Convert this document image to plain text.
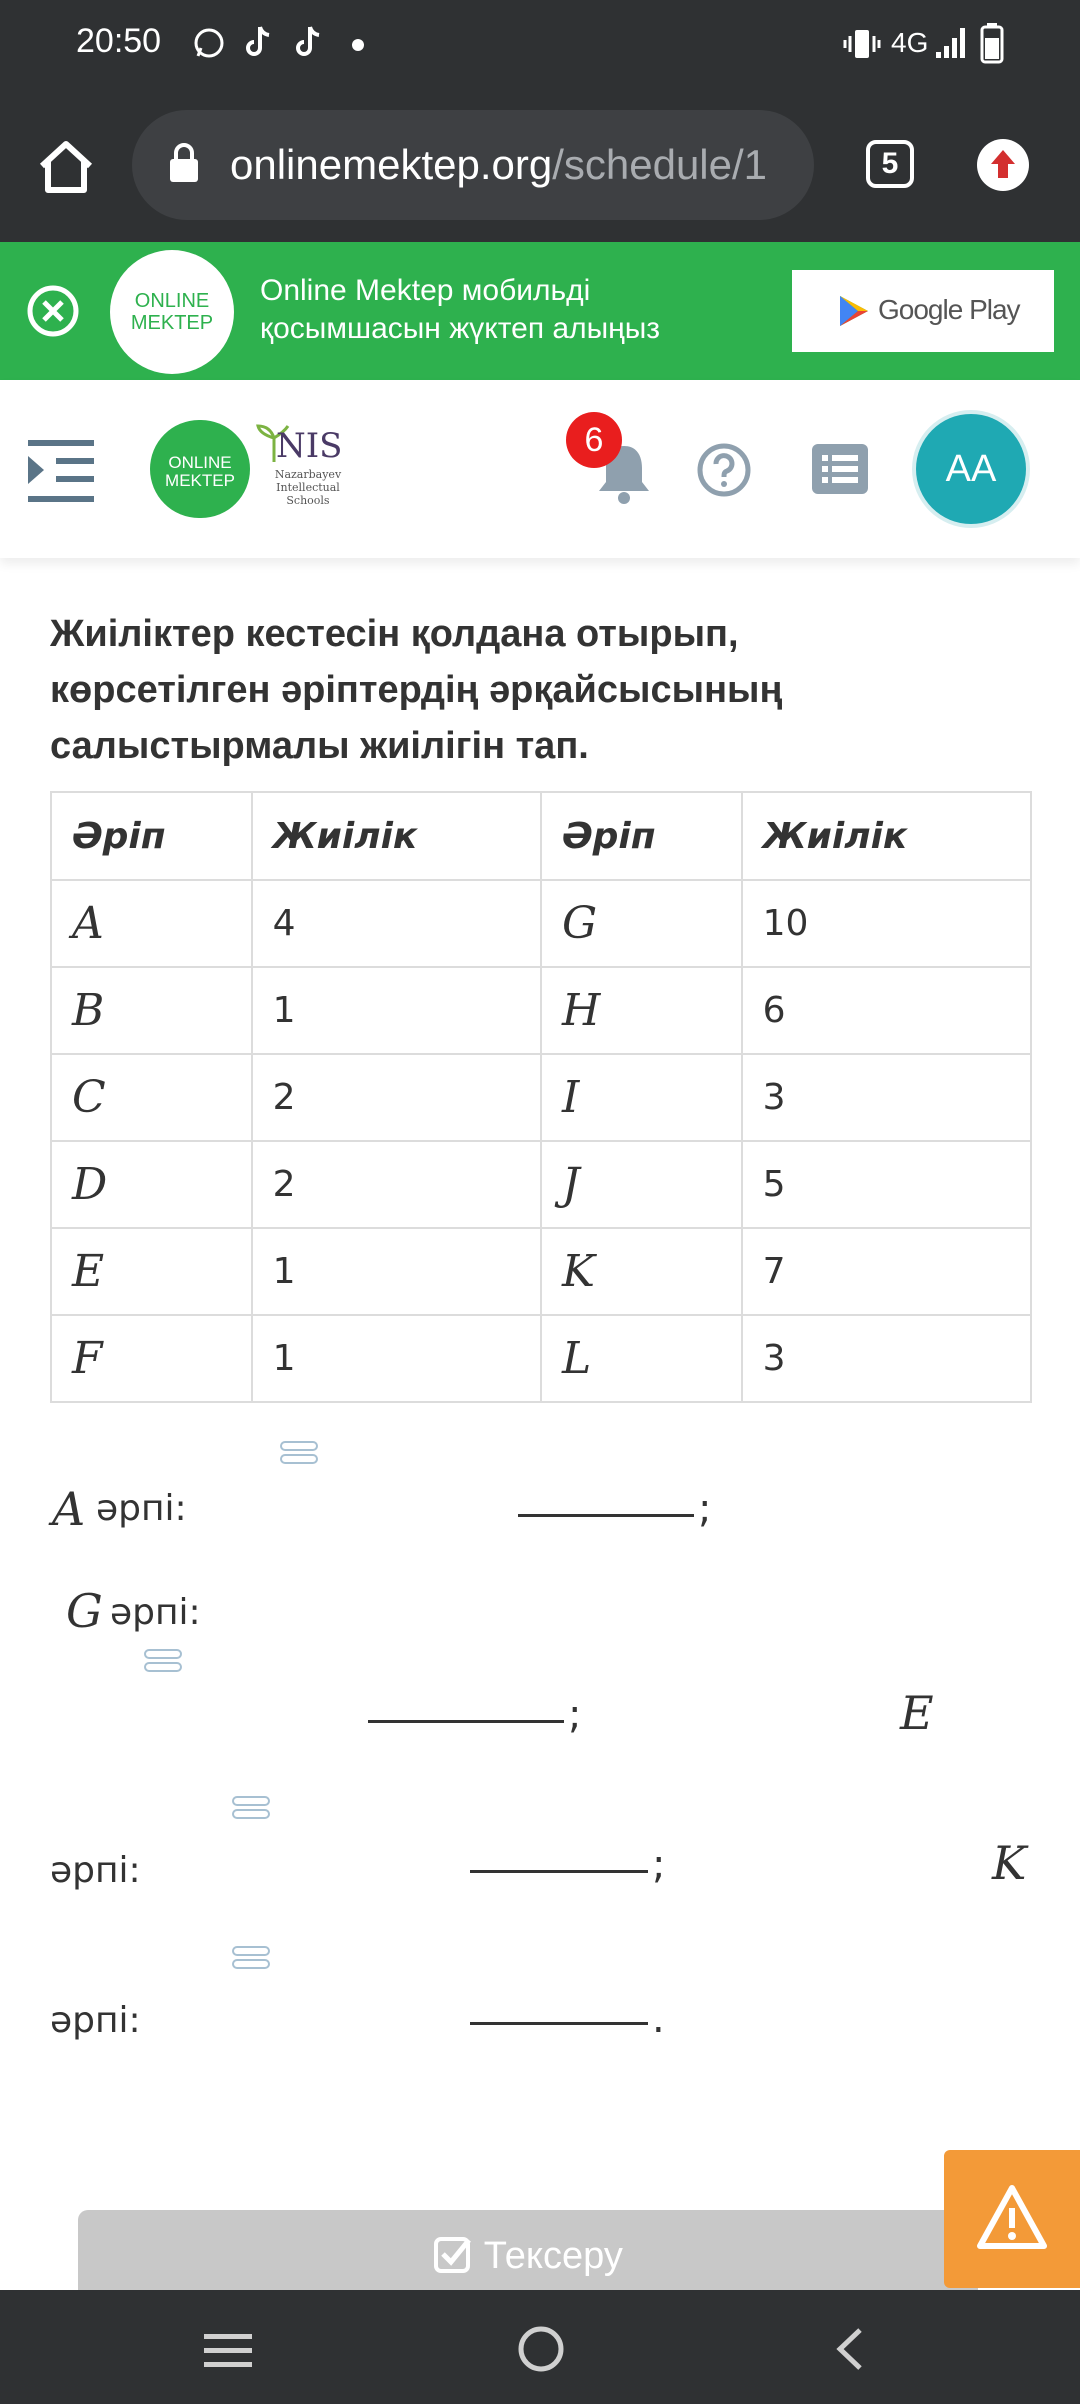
20:50	4G
onlinemektep.org/schedule/1	5
ONLINE
MEKTEP
Online Mektep мобильді
қосымшасын жүктеп алыңыз
Google Play
ONLINE
MEKTEP
NIS
Nazarbayev
Intellectual
Schools
6
AA
Жиіліктер кестесін қолдана отырып,
көрсетілген әріптердің әрқайсысының
салыстырмалы жиілігін тап.
Әріп	Жиілік	Әріп	Жиілік
A	4	G	10
B	1	H	6
C	2	I	3
D	2	J	5
E	1	K	7
F	1	L	3
A әрпі:	;
G әрпі:
;	E
әрпі:	;	K
әрпі:	.
Тексеру
